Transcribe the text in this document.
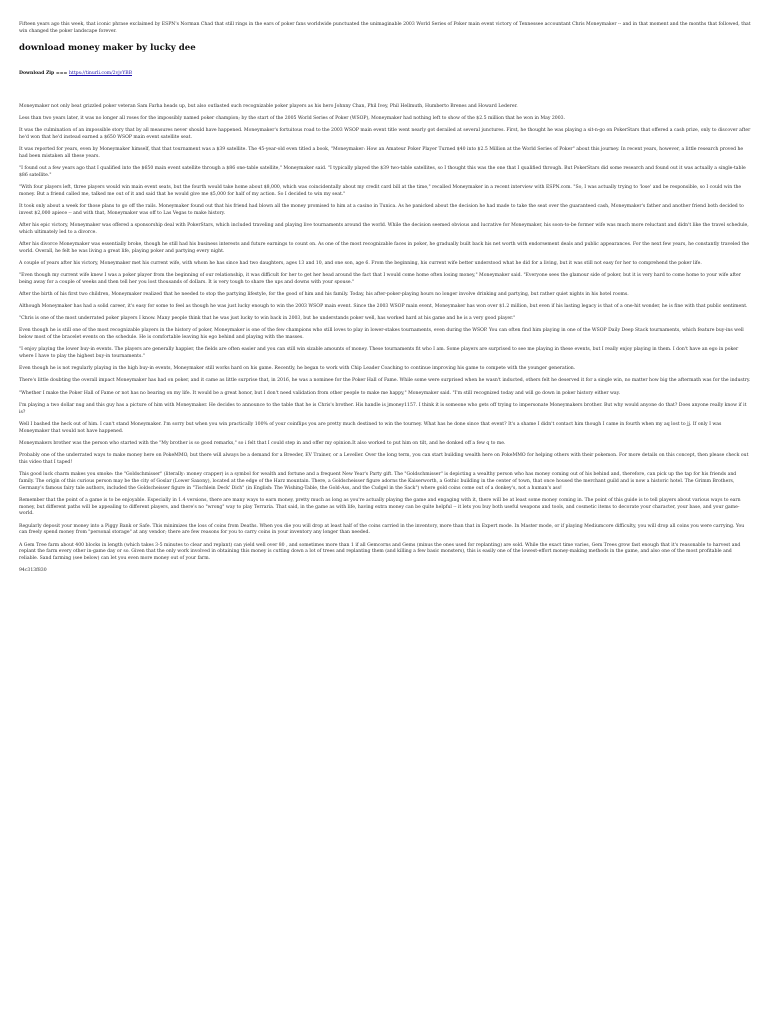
Fifteen years ago this week, that iconic phrase exclaimed by ESPN's Norman Chad that still rings in the ears of poker fans worldwide punctuated the unimaginable 2003 World Series of Poker main event victory of Tennessee accountant Chris Moneymaker -- and in that moment and the months that followed, that win changed the poker landscape forever.

download money maker by lucky dee
Download Zip === https://tinurli.com/2vjvYBB

Moneymaker not only beat grizzled poker veteran Sam Farha heads up, but also outlasted such recognizable poker players as his hero Johnny Chan, Phil Ivey, Phil Hellmuth, Humberto Brenes and Howard Lederer.

Less than two years later, it was no longer all roses for the impossibly named poker champion; by the start of the 2005 World Series of Poker (WSOP), Moneymaker had nothing left to show of the $2.5 million that he won in May 2003.

It was the culmination of an impossible story that by all measures never should have happened. Moneymaker's fortuitous road to the 2003 WSOP main event title went nearly got derailed at several junctures. First, he thought he was playing a sit-n-go on PokerStars that offered a cash prize, only to discover after he'd won that he'd instead earned a $650 WSOP main event satellite seat.

It was reported for years, even by Moneymaker himself, that that tournament was a $39 satellite. The 45-year-old even titled a book, "Moneymaker: How an Amateur Poker Player Turned $40 into $2.5 Million at the World Series of Poker" about this journey. In recent years, however, a little research proved he had been mistaken all these years.

"I found out a few years ago that I qualified into the $650 main event satellite through a $86 one-table satellite," Moneymaker said. "I typically played the $39 two-table satellites, so I thought this was the one that I qualified through. But PokerStars did some research and found out it was actually a single-table $86 satellite."

"With four players left, three players would win main event seats, but the fourth would take home about $8,000, which was coincidentally about my credit card bill at the time," recalled Moneymaker in a recent interview with ESPN.com. "So, I was actually trying to 'lose' and be responsible, so I could win the money. But a friend called me, talked me out of it and said that he would give me $5,000 for half of my action. So I decided to win my seat."

It took only about a week for those plans to go off the rails. Moneymaker found out that his friend had blown all the money promised to him at a casino in Tunica. As he panicked about the decision he had made to take the seat over the guaranteed cash, Moneymaker's father and another friend both decided to invest $2,000 apiece -- and with that, Moneymaker was off to Las Vegas to make history.

After his epic victory, Moneymaker was offered a sponsorship deal with PokerStars, which included traveling and playing live tournaments around the world. While the decision seemed obvious and lucrative for Moneymaker, his soon-to-be former wife was much more reluctant and didn't like the travel schedule, which ultimately led to a divorce.

After his divorce Moneymaker was essentially broke, though he still had his business interests and future earnings to count on. As one of the most recognizable faces in poker, he gradually built back his net worth with endorsement deals and public appearances. For the next few years, he constantly traveled the world. Overall, he felt he was living a great life, playing poker and partying every night.

A couple of years after his victory, Moneymaker met his current wife, with whom he has since had two daughters, ages 13 and 10, and one son, age 6. From the beginning, his current wife better understood what he did for a living, but it was still not easy for her to comprehend the poker life.

"Even though my current wife knew I was a poker player from the beginning of our relationship, it was difficult for her to get her head around the fact that I would come home often losing money," Moneymaker said. "Everyone sees the glamour side of poker, but it is very hard to come home to your wife after being away for a couple of weeks and then tell her you lost thousands of dollars. It is very tough to share the ups and downs with your spouse."

After the birth of his first two children, Moneymaker realized that he needed to stop the partying lifestyle, for the good of him and his family. Today, his after-poker-playing hours no longer involve drinking and partying, but rather quiet nights in his hotel rooms.

Although Moneymaker has had a solid career, it's easy for some to feel as though he was just lucky enough to win the 2003 WSOP main event. Since the 2003 WSOP main event, Moneymaker has won over $1.2 million, but even if his lasting legacy is that of a one-hit wonder, he is fine with that public sentiment.

"Chris is one of the most underrated poker players I know. Many people think that he was just lucky to win back in 2003, but he understands poker well, has worked hard at his game and he is a very good player."

Even though he is still one of the most recognizable players in the history of poker, Moneymaker is one of the few champions who still loves to play in lower-stakes tournaments, even during the WSOP. You can often find him playing in one of the WSOP Daily Deep Stack tournaments, which feature buy-ins well below most of the bracelet events on the schedule. He is comfortable leaving his ego behind and playing with the masses.

"I enjoy playing the lower buy-in events. The players are generally happier, the fields are often easier and you can still win sizable amounts of money. These tournaments fit who I am. Some players are surprised to see me playing in these events, but I really enjoy playing in them. I don't have an ego in poker where I have to play the highest buy-in tournaments."

Even though he is not regularly playing in the high buy-in events, Moneymaker still works hard on his game. Recently, he began to work with Chip Leader Coaching to continue improving his game to compete with the younger generation.

There's little doubting the overall impact Moneymaker has had on poker, and it came as little surprise that, in 2016, he was a nominee for the Poker Hall of Fame. While some were surprised when he wasn't inducted, others felt he deserved it for a single win, no matter how big the aftermath was for the industry.

"Whether I make the Poker Hall of Fame or not has no bearing on my life. It would be a great honor, but I don't need validation from other people to make me happy," Moneymaker said. "I'm still recognized today and will go down in poker history either way.

I'm playing a two dollar nug and this guy has a picture of him with Moneymaker. He decides to announce to the table that he is Chris's brother. His handle is jmoney1157. I think it is someone who gets off trying to impersonate Moneymakers brother. But why would anyone do that? Does anyone really know if it is?

Well I bashed the heck out of him. I can't stand Moneymaker. I'm sorry but when you win practically 100% of your coinflips you are pretty much destined to win the tourney. What has he done since that event? It's a shame I didn't contact him though I came in fourth when my aq lost to jj. If only I was Moneymaker that would not have happened.

Moneymakers brother was the person who started with the "My brother is so good remarks," so i felt that I could step in and offer my opinion.It also worked to put him on tilt, and he donked off a few q to me.

Probably one of the underrated ways to make money here on PokeMMO, but there will always be a demand for a Breeder, EV Trainer, or a Leveller. Over the long term, you can start building wealth here on PokeMMO for helping others with their pokemon. For more details on this concept, then please check out this video that I taped!

This good luck charm makes you smoke: the "Goldschmisser" (literally: money crapper) is a symbol for wealth and fortune and a frequent New Year's Party gift. The "Goldschmisser" is depicting a wealthy person who has money coming out of his behind and, therefore, can pick up the tap for his friends and family. The origin of this curious person may be the city of Goslar (Lower Saxony), located at the edge of the Harz mountain. There, a Goldscheisser figure adorns the Kaiserworth, a Gothic building in the center of town, that once housed the merchant guild and is now a historic hotel. The Grimm Brothers, Germany's famous fairy tale authors, included the Goldscheisser figure in "Tischlein Deck' Dich" (in English: The Wishing-Table, the Gold-Ass, and the Cudgel in the Sack") where gold coins come out of a donkey's, not a human's ass!

Remember that the point of a game is to be enjoyable. Especially in 1.4 versions, there are many ways to earn money, pretty much as long as you're actually playing the game and engaging with it, there will be at least some money coming in. The point of this guide is to tell players about various ways to earn money, but different paths will be appealing to different players, and there's no "wrong" way to play Terraria. That said, in the game as with life, having extra money can be quite helpful -- it lets you buy both useful weapons and tools, and cosmetic items to decorate your character, your base, and your game-world.

Regularly deposit your money into a Piggy Bank or Safe. This minimizes the loss of coins from Deaths. When you die you will drop at least half of the coins carried in the inventory, more than that in Expert mode. In Master mode, or if playing Mediumcore difficulty, you will drop all coins you were carrying. You can freely spend money from "personal storage" at any vendor; there are few reasons for you to carry coins in your inventory any longer than needed.

A Gem Tree farm about 400 blocks in length (which takes 3-5 minutes to clear and replant) can yield well over 80 , and sometimes more than 1 if all Gemcorns and Gems (minus the ones used for replanting) are sold. While the exact time varies, Gem Trees grow fast enough that it's reasonable to harvest and replant the farm every other in-game day or so. Given that the only work involved in obtaining this money is cutting down a lot of trees and replanting them (and killing a few basic monsters), this is easily one of the lowest-effort money-making methods in the game, and also one of the most profitable and reliable. Sand farming (see below) can let you even more money out of your farm.

94c313f830
